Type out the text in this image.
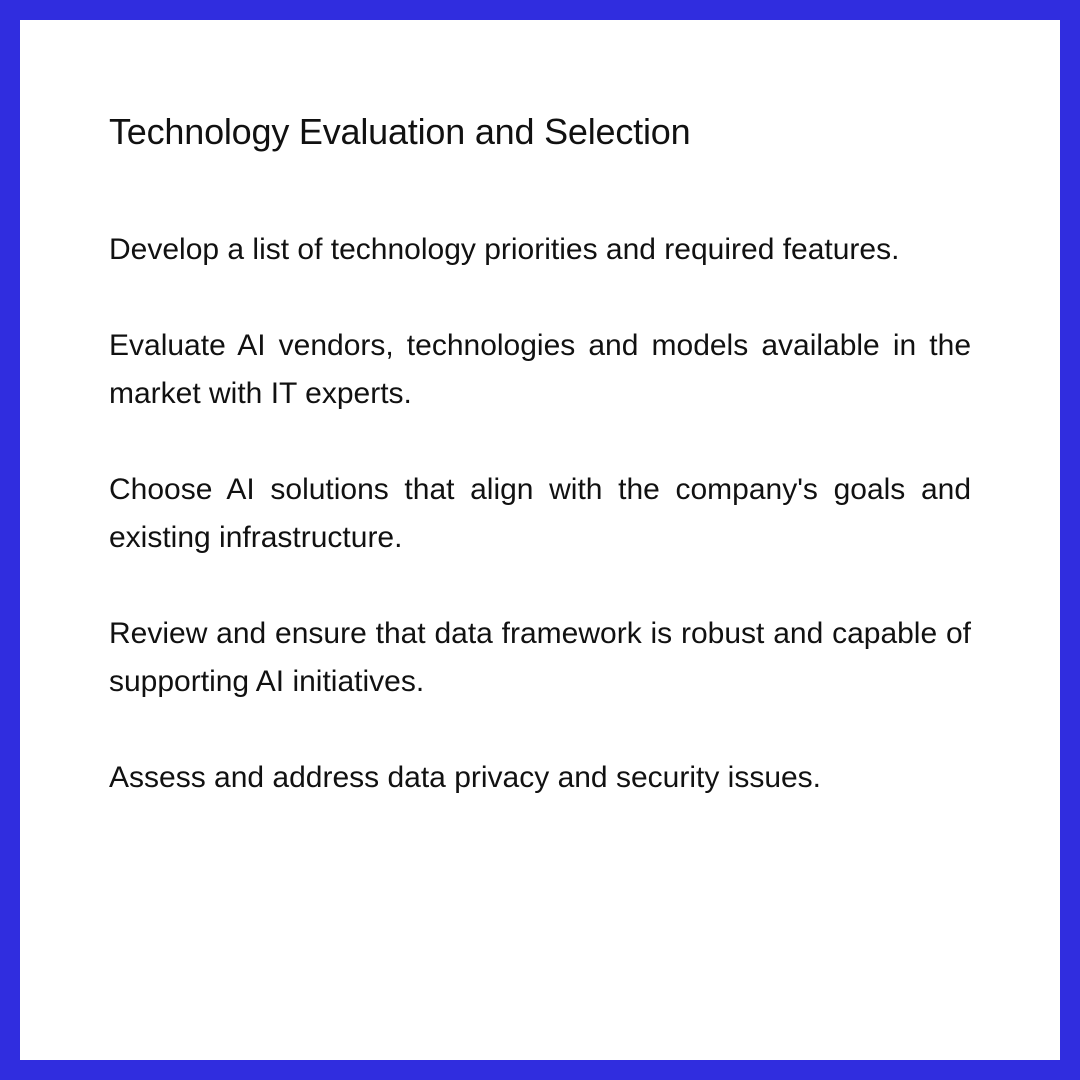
Technology Evaluation and Selection
Develop a list of technology priorities and required features.
Evaluate AI vendors, technologies and models available in the market with IT experts.
Choose AI solutions that align with the company's goals and existing infrastructure.
Review and ensure that data framework is robust and capable of supporting AI initiatives.
Assess and address data privacy and security issues.
